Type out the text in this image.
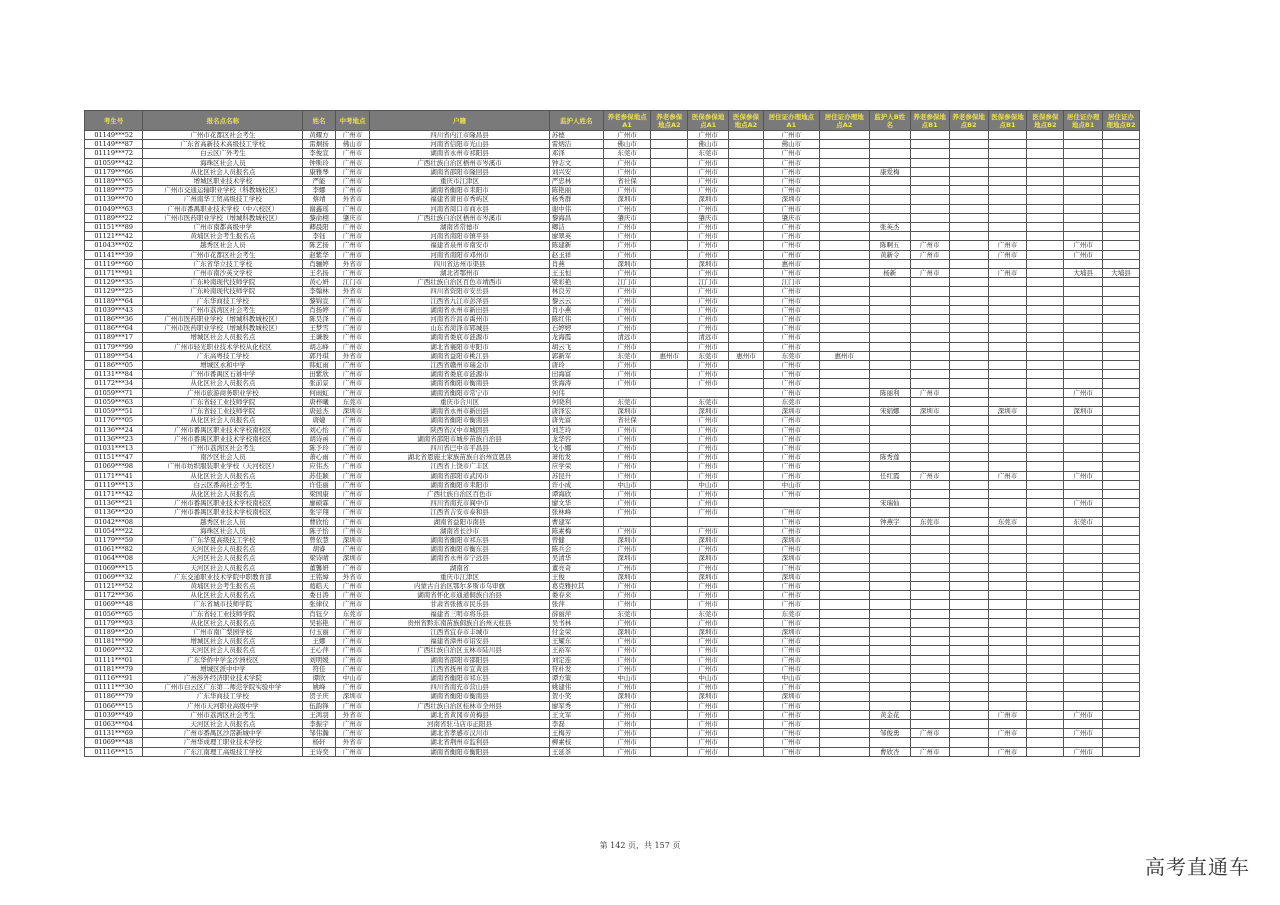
考生号	报名点名称	姓名	中考地点	户籍	监护人姓名	养老参保地点A1	养老参保地点A2	医保参保地点A1	医保参保地点A2	居住证办理地点A1	居住证办理地点A2	监护人B姓名	养老参保地点B1	养老参保地点B2	医保参保地点B1	医保参保地点B2	居住证办理地点B1	居住证办理地点B2
01149***52	广州市花都区社会考生	黄耀方	广州市	四川省内江市隆昌县	苏德	广州市		广州市		广州市								
01149***87	广东省高新技术高级技工学校	雷炯扬	佛山市	河南省信阳市光山县	雷炳洁	佛山市		佛山市		佛山市								
01119***72	白云区广外考生	李俊宣	广州市	湖南省永州市祁阳县	邓泽	东莞市		东莞市		广州市								
01059***42	海珠区社会人员	钟斯玲	广州市	广西壮族自治区梧州市岑溪市	钟志文	广州市		广州市		广州市								
01179***66	从化区社会人员报名点	康雅琴	广州市	湖南省邵阳市隆回县	刘兴安	广州市		广州市		广州市		康爱梅						
01189***65	增城区职业技术学校	严能	广州市	重庆市江津区	严忠林	省社保		广州市		广州市								
01189***75	广州市交通运输职业学校（科教城校区）	李娜	广州市	湖南省衡阳市耒阳市	陈艳丽	广州市		广州市		广州市								
01139***70	广州南华工贸高级技工学校	蔡靖	外省市	福建省莆田市秀屿区	杨秀群	深圳市		深圳市		深圳市								
01049***63	广州市番禺职业技术学校（中六校区）	谢鑫瑶	广州市	河南省周口市商水县	谢中伟	广州市		广州市		广州市								
01189***22	广州市医药职业学校（增城科教城校区）	黎俞栩	肇庆市	广西壮族自治区梧州市岑溪市	黎海昌	肇庆市		肇庆市		肇庆市								
01151***89	广州市南都高级中学	卿晨阳	广州市	湖南省常德市	卿洁	广州市		广州市		广州市		张英杰						
01121***42	黄埔区社会考生报名点	李钰	广州市	河南省南阳市镇平县	廖翠英	广州市		广州市		广州市								
01043***02	越秀区社会人员	陈艺扬	广州市	福建省泉州市南安市	陈建新	广州市		广州市		广州市		陈啊五	广州市		广州市		广州市	
01141***39	广州市花都区社会考生	赵紫华	广州市	河南省南阳市邓州市	赵玉祥	广州市		广州市		广州市		黄新令	广州市		广州市		广州市	
01119***60	广东省华立技工学校	肖骊婷	外省市	四川省达州市渠县	肖燕	深圳市		深圳市		惠州市								
01171***91	广州市南沙英文学校	王名扬	广州市	湖北省鄂州市	王玉恒	广州市		广州市		广州市		杨新	广州市		广州市		大埔县	大埔县
01129***35	广东岭南现代技师学院	黄心妍	江门市	广西壮族自治区百色市靖西市	梁彩艳	江门市		江门市		江门市								
01129***25	广东岭南现代技师学院	李翰林	外省市	四川省资阳市安岳县	林良芳	广州市		广州市		广州市								
01189***64	广东华商技工学校	黎锦宣	广州市	江西省九江市彭泽县	黎云云	广州市		广州市		广州市								
01039***43	广州市荔湾区社会考生	肖扬婷	广州市	湖南省永州市新田县	肖小燕	广州市		广州市		广州市								
01186***36	广州市医药职业学校（增城科教城校区）	陈昊泽	广州市	河南省许昌市禹州市	陈红伟	广州市		广州市		广州市								
01186***64	广州市医药职业学校（增城科教城校区）	王梦雪	广州市	山东省菏泽市郓城县	石婷婷	广州市		广州市		广州市								
01189***17	增城区社会人员报名点	王谦骏	广州市	湖南省娄底市涟源市	龙海霞	清远市		清远市		广州市								
01179***99	广州市轻光职业技术学校从化校区	胡志峰	广州市	湖北省襄阳市枣阳市	胡云飞	广州市		广州市		广州市								
01189***54	广东高粤技工学校	郭丹琪	外省市	湖南省益阳市桃江县	郭新军	东莞市	惠州市	东莞市	惠州市	东莞市	惠州市							
01186***05	增城区永和中学	韩虹雨	广州市	江西省赣州市瑞金市	唐玲	广州市		广州市		广州市								
01131***84	广州市番禺区石碁中学	田紫欣	广州市	湖南省娄底市涟源市	田海富	广州市		广州市		广州市								
01172***34	从化区社会人员报名点	张前景	广州市	湖南省衡阳市衡南县	张海涛	广州市		广州市		广州市								
01059***71	广州市旅游商务职业学校	何雨虹	广州市	湖南省衡阳市常宁市	何伟					广州市		陈丽利	广州市				广州市	
01059***63	广东省轻工业技师学院	唐梓曦	东莞市	重庆市合川区	何晓利	东莞市		东莞市		东莞市								
01059***51	广东省轻工业技师学院	唐延杰	深圳市	湖南省永州市新田县	唐泽宏	深圳市		深圳市		深圳市		宋娟娜	深圳市		深圳市		深圳市	
01176***05	从化区社会人员报名点	唐婕	广州市	湖南省衡阳市衡南县	唐先富	省社保		广州市		广州市								
01136***24	广州市番禺区职业技术学校南校区	刘心怡	广州市	陕西省汉中市城固县	刘芝玲	广州市		广州市		广州市								
01136***23	广州市番禺区职业技术学校南校区	胡诗函	广州市	湖南省邵阳市城步苗族自治县	龙华容	广州市		广州市		广州市								
01031***13	广州市荔湾区社会考生	陈予玲	广州市	四川省巴中市平昌县	戈小娜	广州市		广州市		广州市								
01151***47	南沙区社会人员	萧心雨	广州市	湖北省恩施土家族苗族自治州宣恩县	萧佑发	广州市		广州市		广州市		陈秀莲						
01069***98	广州市纺织服装职业学校（天河校区）	应伟杰	广州市	江西省上饶市广丰区	应学荣	广州市		广州市		广州市								
01171***41	从化区社会人员报名点	苏佳颖	广州市	湖南省邵阳市武冈市	苏昆升	广州市		广州市		广州市		任红霞	广州市		广州市		广州市	
01119***13	白云区番高社会考生	许佳丽	广州市	湖南省衡阳市耒阳市	许小成	中山市		中山市		中山市								
01171***42	从化区社会人员报名点	梁国康	广州市	广西壮族自治区百色市	谭海欣	广州市		广州市		广州市								
01136***21	广州市番禺区职业技术学校南校区	廖硕霖	广州市	四川省南充市阆中市	廖文华	广州市		广州市				宋瑞仙					广州市	
01136***20	广州市番禺区职业技术学校南校区	张宇翔	广州市	江西省吉安市泰和县	张林峰	广州市		广州市		广州市								
01042***08	越秀区社会人员	曹欣怡	广州市	湖南省益阳市南县	曹建军					广州市		钟燕宇	东莞市		东莞市		东莞市	
01054***22	海珠区社会人员	陈子怡	广州市	湖南省长沙市	陈素梅	广州市		广州市		广州市								
01179***59	广东华夏高级技工学校	曾依慧	深圳市	湖南省衡阳市祁东县	曾健	深圳市		深圳市		深圳市								
01061***82	天河区社会人员报名点	胡睿	广州市	湖南省衡阳市衡东县	陈兵会	广州市		广州市		广州市								
01064***08	天河区社会人员报名点	梁诗晴	深圳市	湖南省永州市宁远县	吴清华	深圳市		深圳市		深圳市								
01069***15	天河区社会人员报名点	董馨妍	广州市	湖南省	董亮奇	广州市		广州市		广州市								
01069***32	广东交通职业技术学院中职教育部	王铭嫜	外省市	重庆市江津区	王俊	深圳市		深圳市		深圳市								
01121***52	黄埔区社会考生报名点	葛皓天	广州市	内蒙古自治区鄂尔多斯市乌审旗	葛克雅拉其	广州市		广州市		广州市								
01172***36	从化区社会人员报名点	娄日涛	广州市	湖南省怀化市通道侗族自治县	娄春来	广州市		广州市		广州市								
01069***48	广东省城市技师学院	张律仪	广州市	甘肃省张掖市民乐县	张萍	广州市		广州市		广州市								
01056***65	广东省轻工业技师学院	肖钰夕	东莞市	福建省三明市将乐县	薛丽萍	东莞市		东莞市		东莞市								
01179***93	从化区社会人员报名点	吴裕艳	广州市	贵州省黔东南苗族侗族自治州天柱县	吴书林	广州市		广州市		广州市								
01189***20	广州市南广梨园学校	付玉丽	广州市	江西省宜春市丰城市	付金荣	深圳市		深圳市		深圳市								
01181***99	增城区社会人员报名点	王娜	广州市	福建省漳州市诏安县	王耀东	广州市		广州市		广州市								
01069***32	天河区社会人员报名点	王心萍	广州市	广西壮族自治区玉林市陆川县	王裕军	广州市		广州市		广州市								
01111***01	广东华侨中学金沙洲校区	刘明媛	广州市	湖南省邵阳市邵阳县	刘定连	广州市		广州市		广州市								
01181***79	增城区派中中学	符佳	广州市	江西省抚州市宜黄县	符朴发	广州市		广州市		广州市								
01116***91	广州涉外经济职业技术学院	谭欣	中山市	湖南省衡阳市祁东县	谭方策	中山市		中山市		中山市								
01111***30	广州市白云区广东第二师范学院实验中学	姚峰	广州市	四川省南充市营山县	姚建伟	广州市		广州市		广州市								
01186***79	广东华商技工学校	贺子庆	深圳市	湖南省衡阳市衡南县	贺小笑	深圳市		深圳市		深圳市								
01066***15	广州市天河职业高级中学	伍韵锋	广州市	广西壮族自治区桂林市全州县	廖军秀	广州市		广州市		广州市								
01039***49	广州市荔湾区社会考生	王鸿羽	外省市	湖北省黄冈市黄梅县	王文军	广州市		广州市		广州市		黄金花			广州市		广州市	
01063***04	天河区社会人员报名点	李振宇	广州市	河南省驻马店市正阳县	李磊	广州市		广州市		广州市								
01131***69	广州市番禺区沙滘新城中学	邹伟瀚	广州市	湖北省孝感市汉川市	王梅芳	广州市		广州市		广州市		邹俊勇	广州市		广州市		广州市	
01069***48	广州华成理工职业技术学校	杨轩	外省市	湖北省荆州市监利县	柳素枝	广州市		广州市		广州市								
01116***15	广东江南理工高级技工学校	王诗奕	广州市	湖南省衡阳市衡阳县	王延茶	广州市		广州市		广州市		曹欣杏	广州市		广州市		广州市	
第 142 页，共 157 页
高考直通车
